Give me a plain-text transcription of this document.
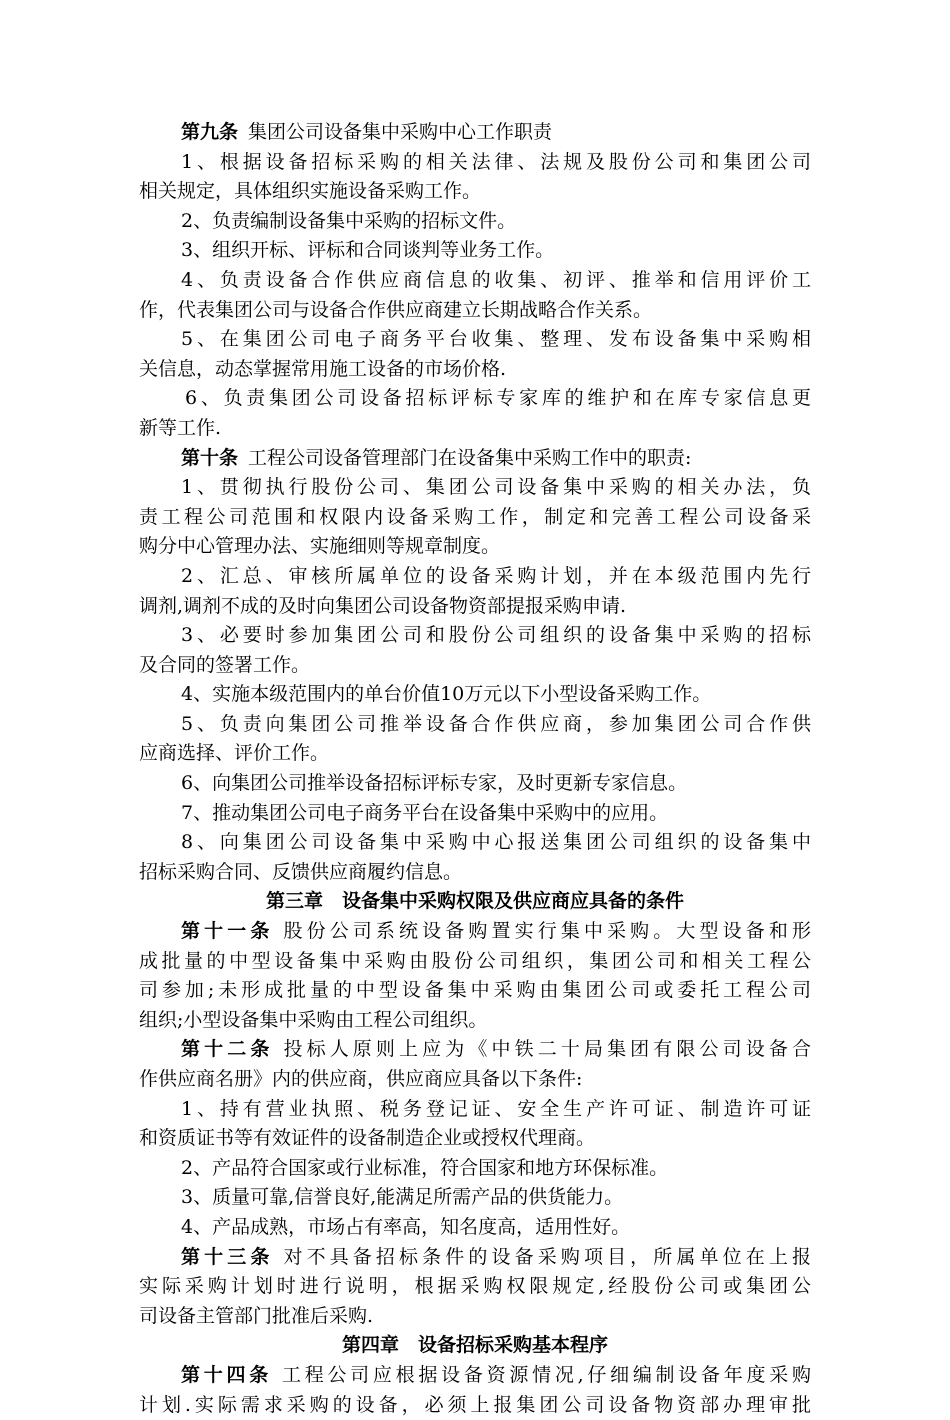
第九条 集团公司设备集中采购中心工作职责
1、根据设备招标采购的相关法律、法规及股份公司和集团公司
相关规定，具体组织实施设备采购工作。
2、负责编制设备集中采购的招标文件。
3、组织开标、评标和合同谈判等业务工作。
4、负责设备合作供应商信息的收集、初评、推举和信用评价工
作，代表集团公司与设备合作供应商建立长期战略合作关系。
5、在集团公司电子商务平台收集、整理、发布设备集中采购相
关信息，动态掌握常用施工设备的市场价格.
6、负责集团公司设备招标评标专家库的维护和在库专家信息更
新等工作.
第十条 工程公司设备管理部门在设备集中采购工作中的职责:
1、贯彻执行股份公司、集团公司设备集中采购的相关办法，负
责工程公司范围和权限内设备采购工作，制定和完善工程公司设备采
购分中心管理办法、实施细则等规章制度。
2、汇总、审核所属单位的设备采购计划，并在本级范围内先行
调剂,调剂不成的及时向集团公司设备物资部提报采购申请.
3、必要时参加集团公司和股份公司组织的设备集中采购的招标
及合同的签署工作。
4、实施本级范围内的单台价值10万元以下小型设备采购工作。
5、负责向集团公司推举设备合作供应商，参加集团公司合作供
应商选择、评价工作。
6、向集团公司推举设备招标评标专家，及时更新专家信息。
7、推动集团公司电子商务平台在设备集中采购中的应用。
8、向集团公司设备集中采购中心报送集团公司组织的设备集中
招标采购合同、反馈供应商履约信息。
第三章　设备集中采购权限及供应商应具备的条件
第十一条 股份公司系统设备购置实行集中采购。大型设备和形
成批量的中型设备集中采购由股份公司组织，集团公司和相关工程公
司参加;未形成批量的中型设备集中采购由集团公司或委托工程公司
组织;小型设备集中采购由工程公司组织。
第十二条 投标人原则上应为《中铁二十局集团有限公司设备合
作供应商名册》内的供应商，供应商应具备以下条件:
1、持有营业执照、税务登记证、安全生产许可证、制造许可证
和资质证书等有效证件的设备制造企业或授权代理商。
2、产品符合国家或行业标准，符合国家和地方环保标准。
3、质量可靠,信誉良好,能满足所需产品的供货能力。
4、产品成熟，市场占有率高，知名度高，适用性好。
第十三条 对不具备招标条件的设备采购项目，所属单位在上报
实际采购计划时进行说明，根据采购权限规定,经股份公司或集团公
司设备主管部门批准后采购.
第四章　设备招标采购基本程序
第十四条 工程公司应根据设备资源情况,仔细编制设备年度采购
计划.实际需求采购的设备，必须上报集团公司设备物资部办理审批
